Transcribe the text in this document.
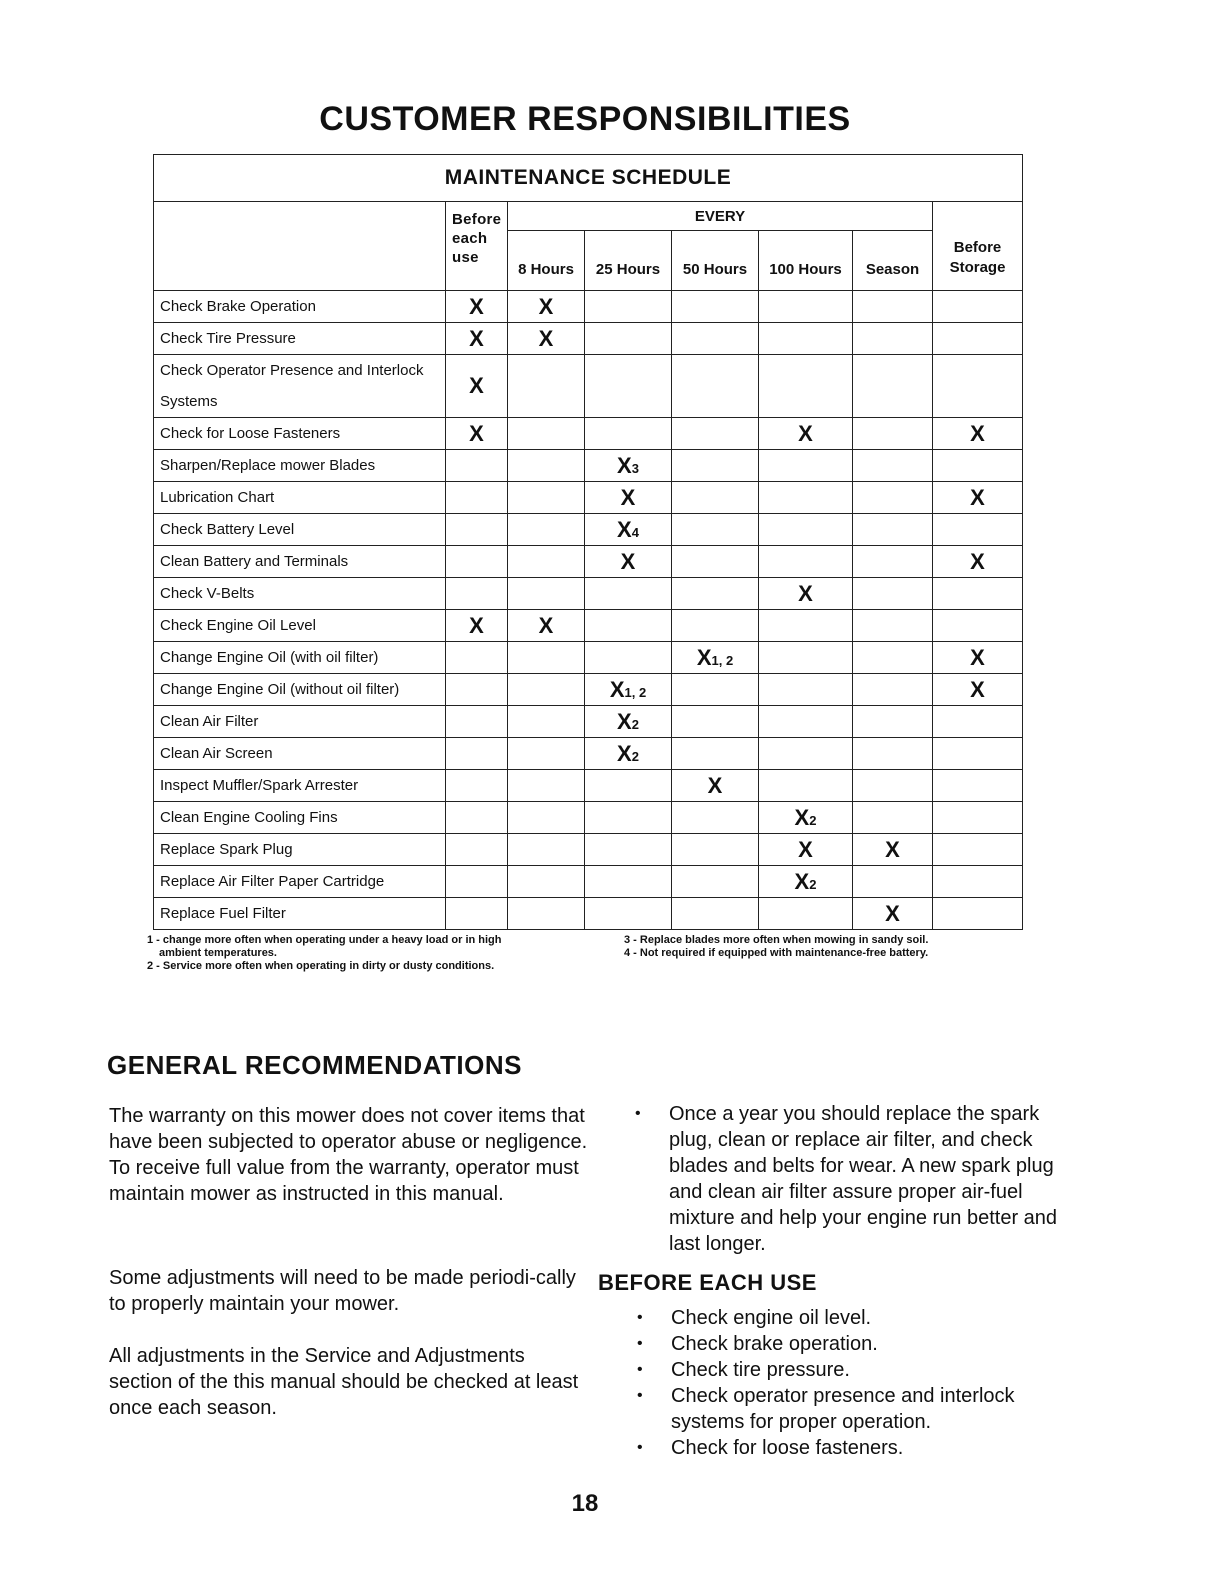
CUSTOMER RESPONSIBILITIES
MAINTENANCE SCHEDULE							
	Before each use	EVERY					Before Storage
		8 Hours	25 Hours	50 Hours	100 Hours	Season	
Check Brake Operation	X	X					
Check Tire Pressure	X	X					
Check Operator Presence and Interlock Systems	X						
Check for Loose Fasteners	X				X		X
Sharpen/Replace mower Blades			X3				
Lubrication Chart			X				X
Check Battery Level			X4				
Clean Battery and Terminals			X				X
Check V-Belts					X		
Check Engine Oil Level	X	X					
Change Engine Oil (with oil filter)				X1, 2			X
Change Engine Oil (without oil filter)			X1, 2				X
Clean Air Filter			X2				
Clean Air Screen			X2				
Inspect Muffler/Spark Arrester				X			
Clean Engine Cooling Fins					X2		
Replace Spark Plug					X	X	
Replace Air Filter Paper Cartridge					X2		
Replace Fuel Filter						X	
1 - change more often when operating under a heavy load or in high
ambient temperatures.
2 - Service more often when operating in dirty or dusty conditions.
3 - Replace blades more often when mowing in sandy soil.
4 - Not required if equipped with maintenance-free battery.
GENERAL RECOMMENDATIONS
The warranty on this mower does not cover items that have been subjected to operator abuse or negligence. To receive full value from the warranty, operator must maintain mower as instructed in this manual.
Some adjustments will need to be made periodi-cally to properly maintain your mower.
All adjustments in the Service and Adjustments section of the this manual should be checked at least once each season.
• Once a year you should replace the spark plug, clean or replace air filter, and check blades and belts for wear. A new spark plug and clean air filter assure proper air-fuel mixture and help your engine run better and last longer.
BEFORE EACH USE
• Check engine oil level.
• Check brake operation.
• Check tire pressure.
• Check operator presence and interlock systems for proper operation.
• Check for loose fasteners.
18
